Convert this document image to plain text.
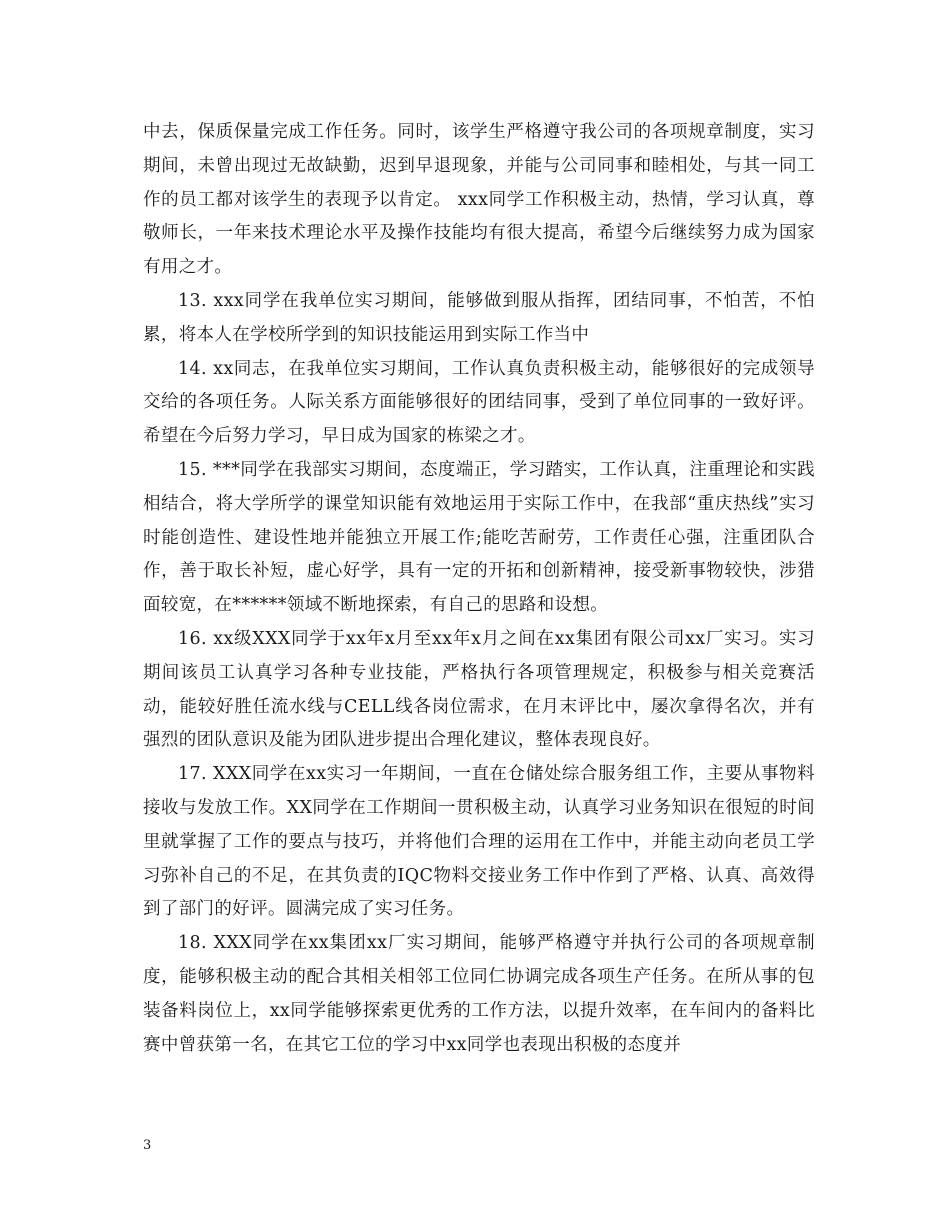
中去，保质保量完成工作任务。同时，该学生严格遵守我公司的各项规章制度，实习期间，未曾出现过无故缺勤，迟到早退现象，并能与公司同事和睦相处，与其一同工作的员工都对该学生的表现予以肯定。 xxx同学工作积极主动，热情，学习认真，尊敬师长，一年来技术理论水平及操作技能均有很大提高，希望今后继续努力成为国家有用之才。

13. xxx同学在我单位实习期间，能够做到服从指挥，团结同事，不怕苦，不怕累，将本人在学校所学到的知识技能运用到实际工作当中

14. xx同志，在我单位实习期间，工作认真负责积极主动，能够很好的完成领导交给的各项任务。人际关系方面能够很好的团结同事，受到了单位同事的一致好评。希望在今后努力学习，早日成为国家的栋梁之才。

15. ***同学在我部实习期间，态度端正，学习踏实，工作认真，注重理论和实践相结合，将大学所学的课堂知识能有效地运用于实际工作中，在我部“重庆热线”实习时能创造性、建设性地并能独立开展工作;能吃苦耐劳，工作责任心强，注重团队合作，善于取长补短，虚心好学，具有一定的开拓和创新精神，接受新事物较快，涉猎面较宽，在******领域不断地探索，有自己的思路和设想。

16. xx级XXX同学于xx年x月至xx年x月之间在xx集团有限公司xx厂实习。实习期间该员工认真学习各种专业技能，严格执行各项管理规定，积极参与相关竞赛活动，能较好胜任流水线与CELL线各岗位需求，在月末评比中，屡次拿得名次，并有强烈的团队意识及能为团队进步提出合理化建议，整体表现良好。

17. XXX同学在xx实习一年期间，一直在仓储处综合服务组工作，主要从事物料接收与发放工作。XX同学在工作期间一贯积极主动，认真学习业务知识在很短的时间里就掌握了工作的要点与技巧，并将他们合理的运用在工作中，并能主动向老员工学习弥补自己的不足，在其负责的IQC物料交接业务工作中作到了严格、认真、高效得到了部门的好评。圆满完成了实习任务。

18. XXX同学在xx集团xx厂实习期间，能够严格遵守并执行公司的各项规章制度，能够积极主动的配合其相关相邻工位同仁协调完成各项生产任务。在所从事的包装备料岗位上，xx同学能够探索更优秀的工作方法，以提升效率，在车间内的备料比赛中曾获第一名，在其它工位的学习中xx同学也表现出积极的态度并

3
